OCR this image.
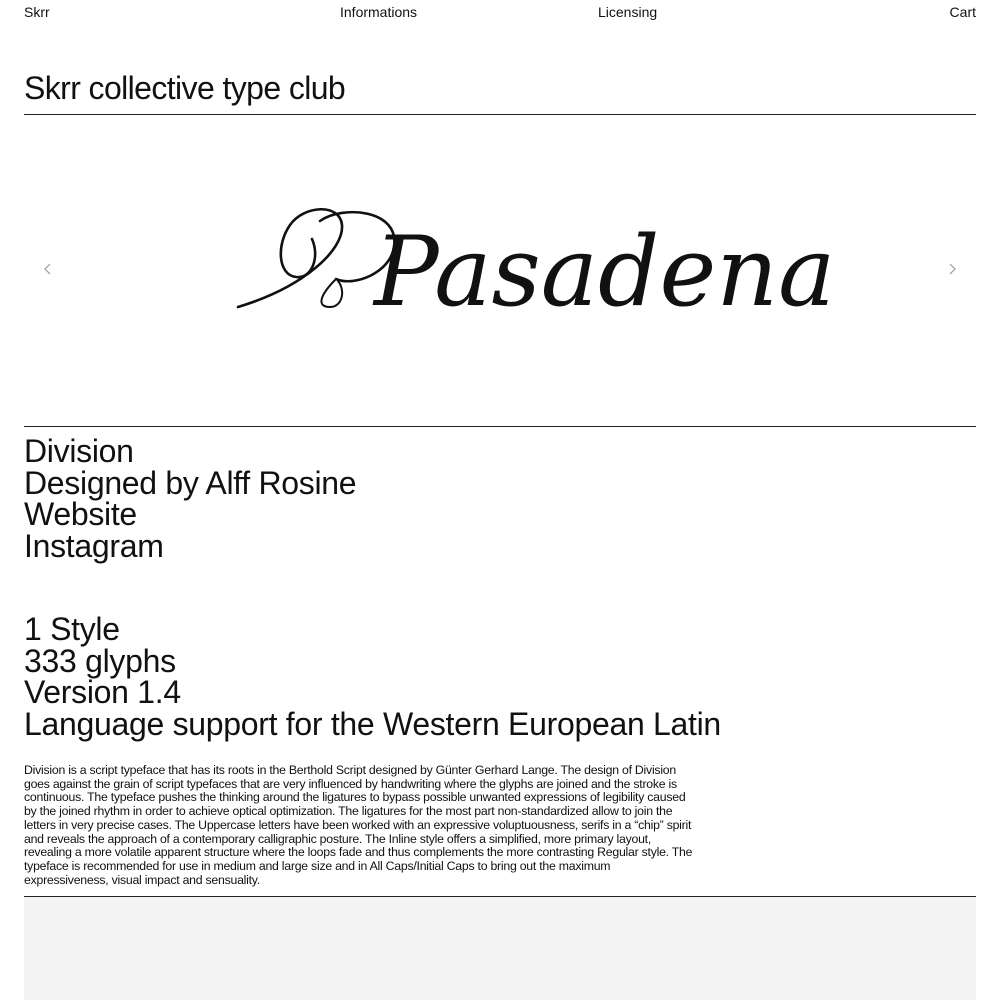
Skrr	Informations	Licensing	Cart
Skrr collective type club
Pasadena
Division
Designed by Alff Rosine
Website
Instagram
1 Style
333 glyphs
Version 1.4
Language support for the Western European Latin

Division is a script typeface that has its roots in the Berthold Script designed by Günter Gerhard Lange. The design of Division goes against the grain of script typefaces that are very influenced by handwriting where the glyphs are joined and the stroke is continuous. The typeface pushes the thinking around the ligatures to bypass possible unwanted expressions of legibility caused by the joined rhythm in order to achieve optical optimization. The ligatures for the most part non-standardized allow to join the letters in very precise cases. The Uppercase letters have been worked with an expressive voluptuousness, serifs in a “chip” spirit and reveals the approach of a contemporary calligraphic posture. The Inline style offers a simplified, more primary layout, revealing a more volatile apparent structure where the loops fade and thus complements the more contrasting Regular style. The typeface is recommended for use in medium and large size and in All Caps/Initial Caps to bring out the maximum expressiveness, visual impact and sensuality.
